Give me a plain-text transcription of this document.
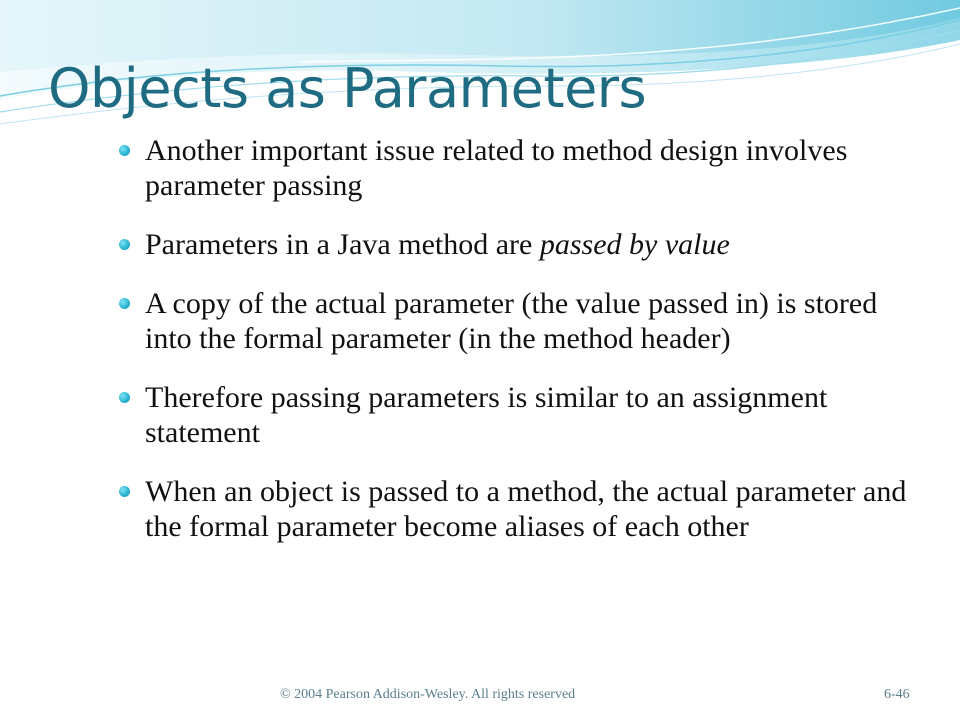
Objects as Parameters
Another important issue related to method design involves parameter passing
Parameters in a Java method are passed by value
A copy of the actual parameter (the value passed in) is stored into the formal parameter (in the method header)
Therefore passing parameters is similar to an assignment statement
When an object is passed to a method, the actual parameter and the formal parameter become aliases of each other
© 2004 Pearson Addison-Wesley. All rights reserved	6-46
